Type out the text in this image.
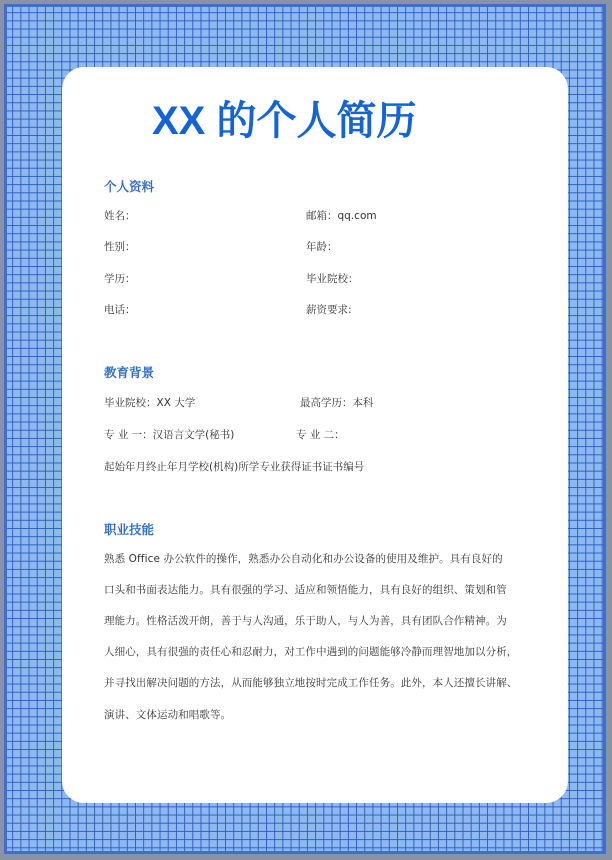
XX 的个人简历
个人资料
姓名：	邮箱：qq.com
性别：	年龄：
学历：	毕业院校：
电话：	薪资要求:
教育背景
毕业院校：XX 大学	最高学历：本科
专 业 一：汉语言文学(秘书)	专 业 二：
起始年月终止年月学校(机构)所学专业获得证书证书编号
职业技能
熟悉 Office 办公软件的操作，熟悉办公自动化和办公设备的使用及维护。具有良好的
口头和书面表达能力。具有很强的学习、适应和领悟能力，具有良好的组织、策划和管
理能力。性格活泼开朗，善于与人沟通，乐于助人，与人为善，具有团队合作精神。为
人细心，具有很强的责任心和忍耐力，对工作中遇到的问题能够冷静而理智地加以分析，
并寻找出解决问题的方法，从而能够独立地按时完成工作任务。此外，本人还擅长讲解、
演讲、文体运动和唱歌等。
